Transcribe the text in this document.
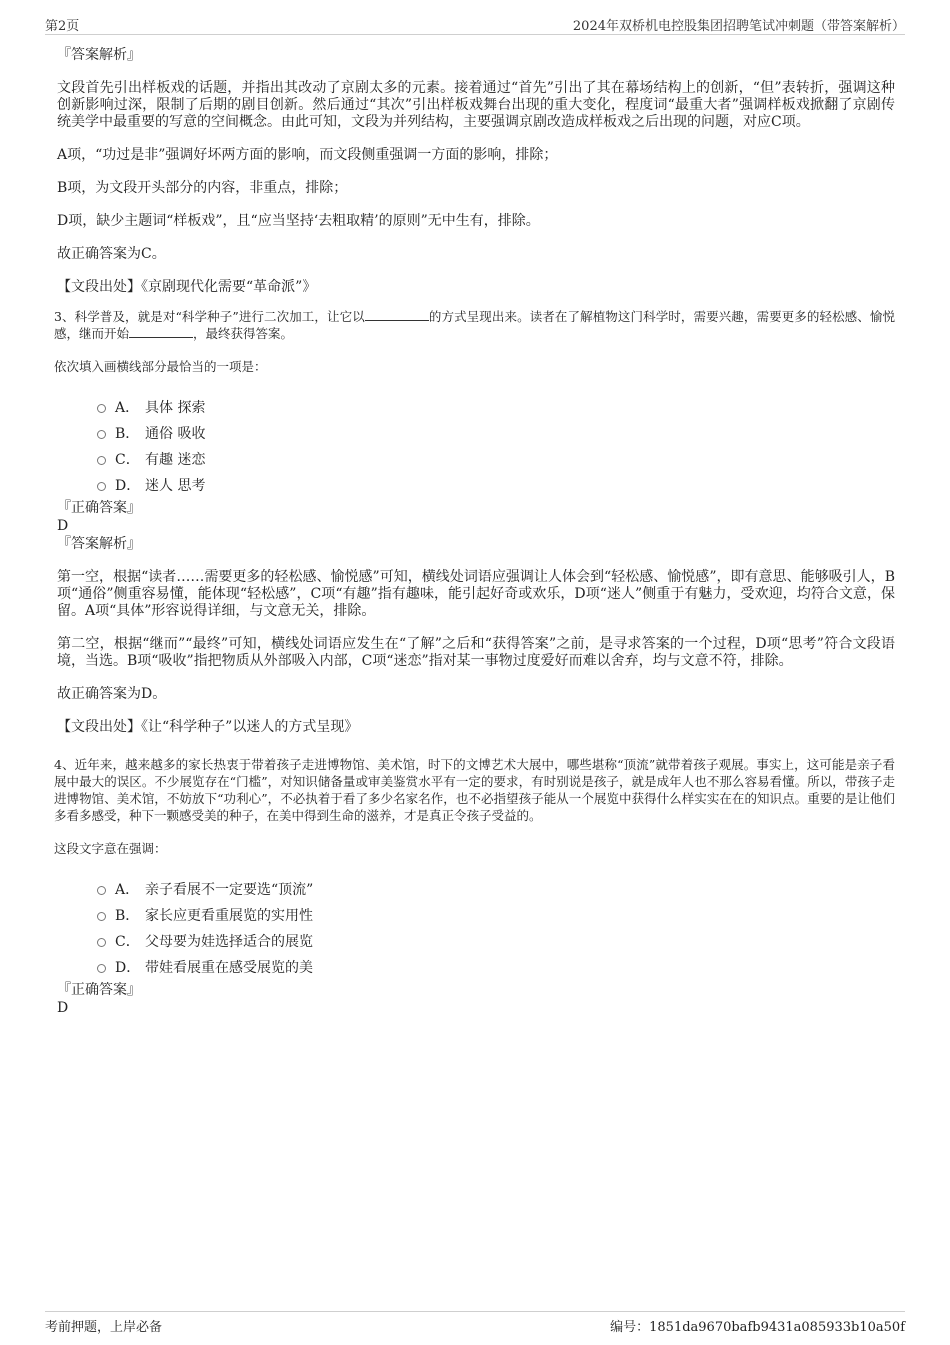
第2页	2024年双桥机电控股集团招聘笔试冲刺题（带答案解析）
『答案解析』
文段首先引出样板戏的话题，并指出其改动了京剧太多的元素。接着通过“首先”引出了其在幕场结构上的创新，“但”表转折，强调这种创新影响过深，限制了后期的剧目创新。然后通过“其次”引出样板戏舞台出现的重大变化，程度词“最重大者”强调样板戏掀翻了京剧传统美学中最重要的写意的空间概念。由此可知，文段为并列结构，主要强调京剧改造成样板戏之后出现的问题，对应C项。
A项，“功过是非”强调好坏两方面的影响，而文段侧重强调一方面的影响，排除；
B项，为文段开头部分的内容，非重点，排除；
D项，缺少主题词“样板戏”，且“应当坚持‘去粗取精’的原则”无中生有，排除。
故正确答案为C。
【文段出处】《京剧现代化需要“革命派”》
3、科学普及，就是对“科学种子”进行二次加工，让它以	的方式呈现出来。读者在了解植物这门科学时，需要兴趣，需要更多的轻松感、愉悦感，继而开始	，最终获得答案。
依次填入画横线部分最恰当的一项是：
A． 具体 探索
B． 通俗 吸收
C． 有趣 迷恋
D． 迷人 思考
『正确答案』
D
『答案解析』
第一空，根据“读者……需要更多的轻松感、愉悦感”可知，横线处词语应强调让人体会到“轻松感、愉悦感”，即有意思、能够吸引人，B项“通俗”侧重容易懂，能体现“轻松感”，C项“有趣”指有趣味，能引起好奇或欢乐，D项“迷人”侧重于有魅力，受欢迎，均符合文意，保留。A项“具体”形容说得详细，与文意无关，排除。
第二空，根据“继而”“最终”可知，横线处词语应发生在“了解”之后和“获得答案”之前，是寻求答案的一个过程，D项“思考”符合文段语境，当选。B项“吸收”指把物质从外部吸入内部，C项“迷恋”指对某一事物过度爱好而难以舍弃，均与文意不符，排除。
故正确答案为D。
【文段出处】《让“科学种子”以迷人的方式呈现》
4、近年来，越来越多的家长热衷于带着孩子走进博物馆、美术馆，时下的文博艺术大展中，哪些堪称“顶流”就带着孩子观展。事实上，这可能是亲子看展中最大的误区。不少展览存在“门槛”，对知识储备量或审美鉴赏水平有一定的要求，有时别说是孩子，就是成年人也不那么容易看懂。所以，带孩子走进博物馆、美术馆，不妨放下“功利心”，不必执着于看了多少名家名作，也不必指望孩子能从一个展览中获得什么样实实在在的知识点。重要的是让他们多看多感受，种下一颗感受美的种子，在美中得到生命的滋养，才是真正令孩子受益的。
这段文字意在强调：
A． 亲子看展不一定要选“顶流”
B． 家长应更看重展览的实用性
C． 父母要为娃选择适合的展览
D． 带娃看展重在感受展览的美
『正确答案』
D
考前押题，上岸必备	编号：1851da9670bafb9431a085933b10a50f
